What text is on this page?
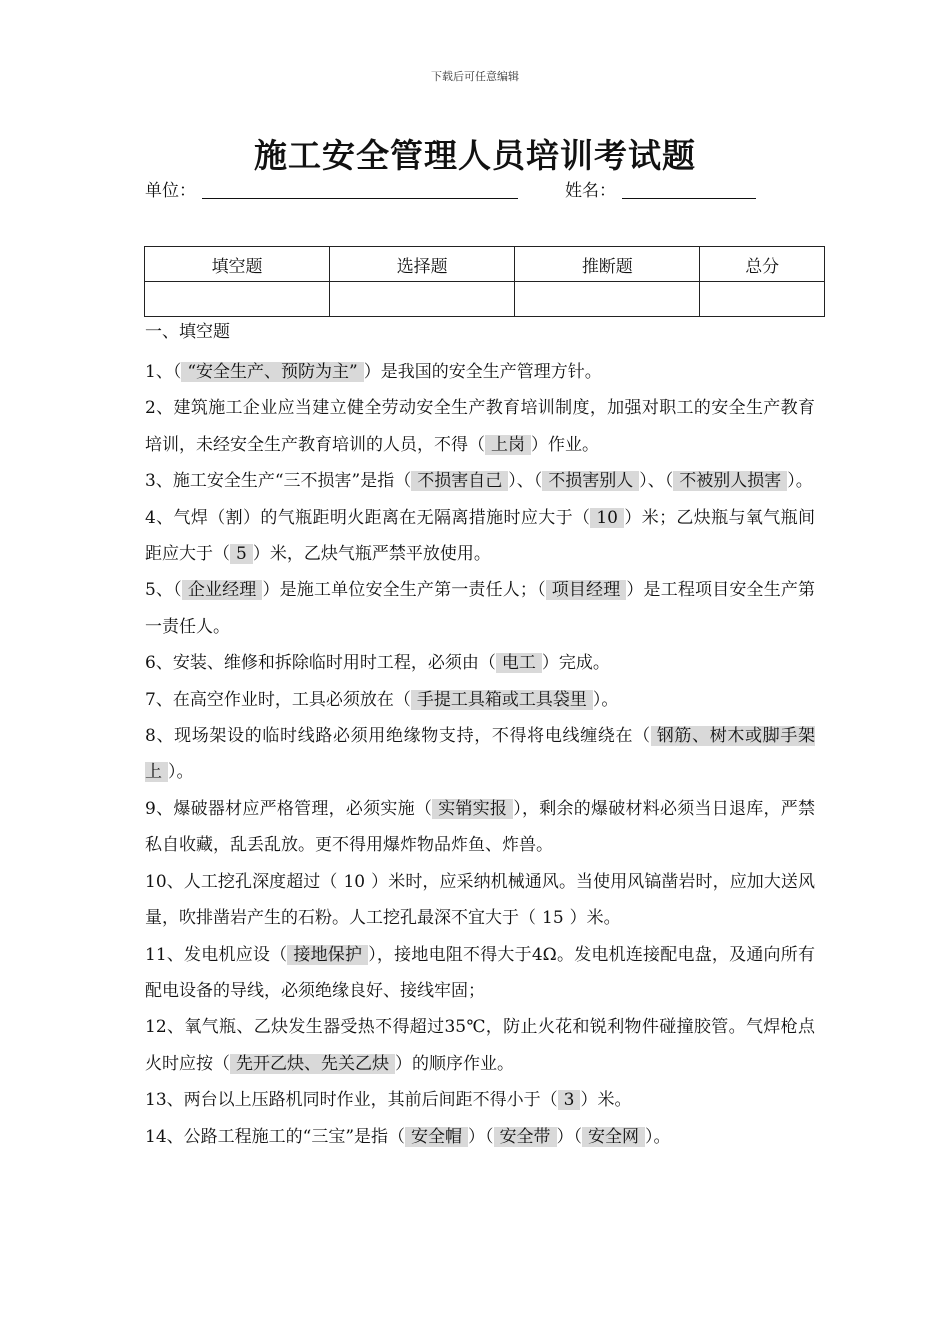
下载后可任意编辑
施工安全管理人员培训考试题
单位：	姓名：
填空题	选择题	推断题	总分

一、填空题

1、（ “安全生产、预防为主” ）是我国的安全生产管理方针。

2、建筑施工企业应当建立健全劳动安全生产教育培训制度，加强对职工的安全生产教育培训，未经安全生产教育培训的人员，不得（ 上岗 ）作业。

3、施工安全生产“三不损害”是指（ 不损害自己 ）、（ 不损害别人 ）、（ 不被别人损害 ）。

4、气焊（割）的气瓶距明火距离在无隔离措施时应大于（ 10 ）米；乙炔瓶与氧气瓶间距应大于（ 5 ）米，乙炔气瓶严禁平放使用。

5、（ 企业经理 ）是施工单位安全生产第一责任人；（ 项目经理 ）是工程项目安全生产第一责任人。

6、安装、维修和拆除临时用时工程，必须由（ 电工 ）完成。

7、在高空作业时，工具必须放在（ 手提工具箱或工具袋里 ）。

8、现场架设的临时线路必须用绝缘物支持，不得将电线缠绕在（ 钢筋、树木或脚手架上 ）。

9、爆破器材应严格管理，必须实施（ 实销实报 ），剩余的爆破材料必须当日退库，严禁私自收藏，乱丢乱放。更不得用爆炸物品炸鱼、炸兽。

10、人工挖孔深度超过（ 10 ）米时，应采纳机械通风。当使用风镐凿岩时，应加大送风量，吹排凿岩产生的石粉。人工挖孔最深不宜大于（ 15 ）米。

11、发电机应设（ 接地保护 ），接地电阻不得大于4Ω。发电机连接配电盘，及通向所有配电设备的导线，必须绝缘良好、接线牢固；

12、氧气瓶、乙炔发生器受热不得超过35℃，防止火花和锐利物件碰撞胶管。气焊枪点火时应按（ 先开乙炔、先关乙炔 ）的顺序作业。

13、两台以上压路机同时作业，其前后间距不得小于（ 3 ）米。

14、公路工程施工的“三宝”是指（ 安全帽 ）（ 安全带 ）（ 安全网 ）。
